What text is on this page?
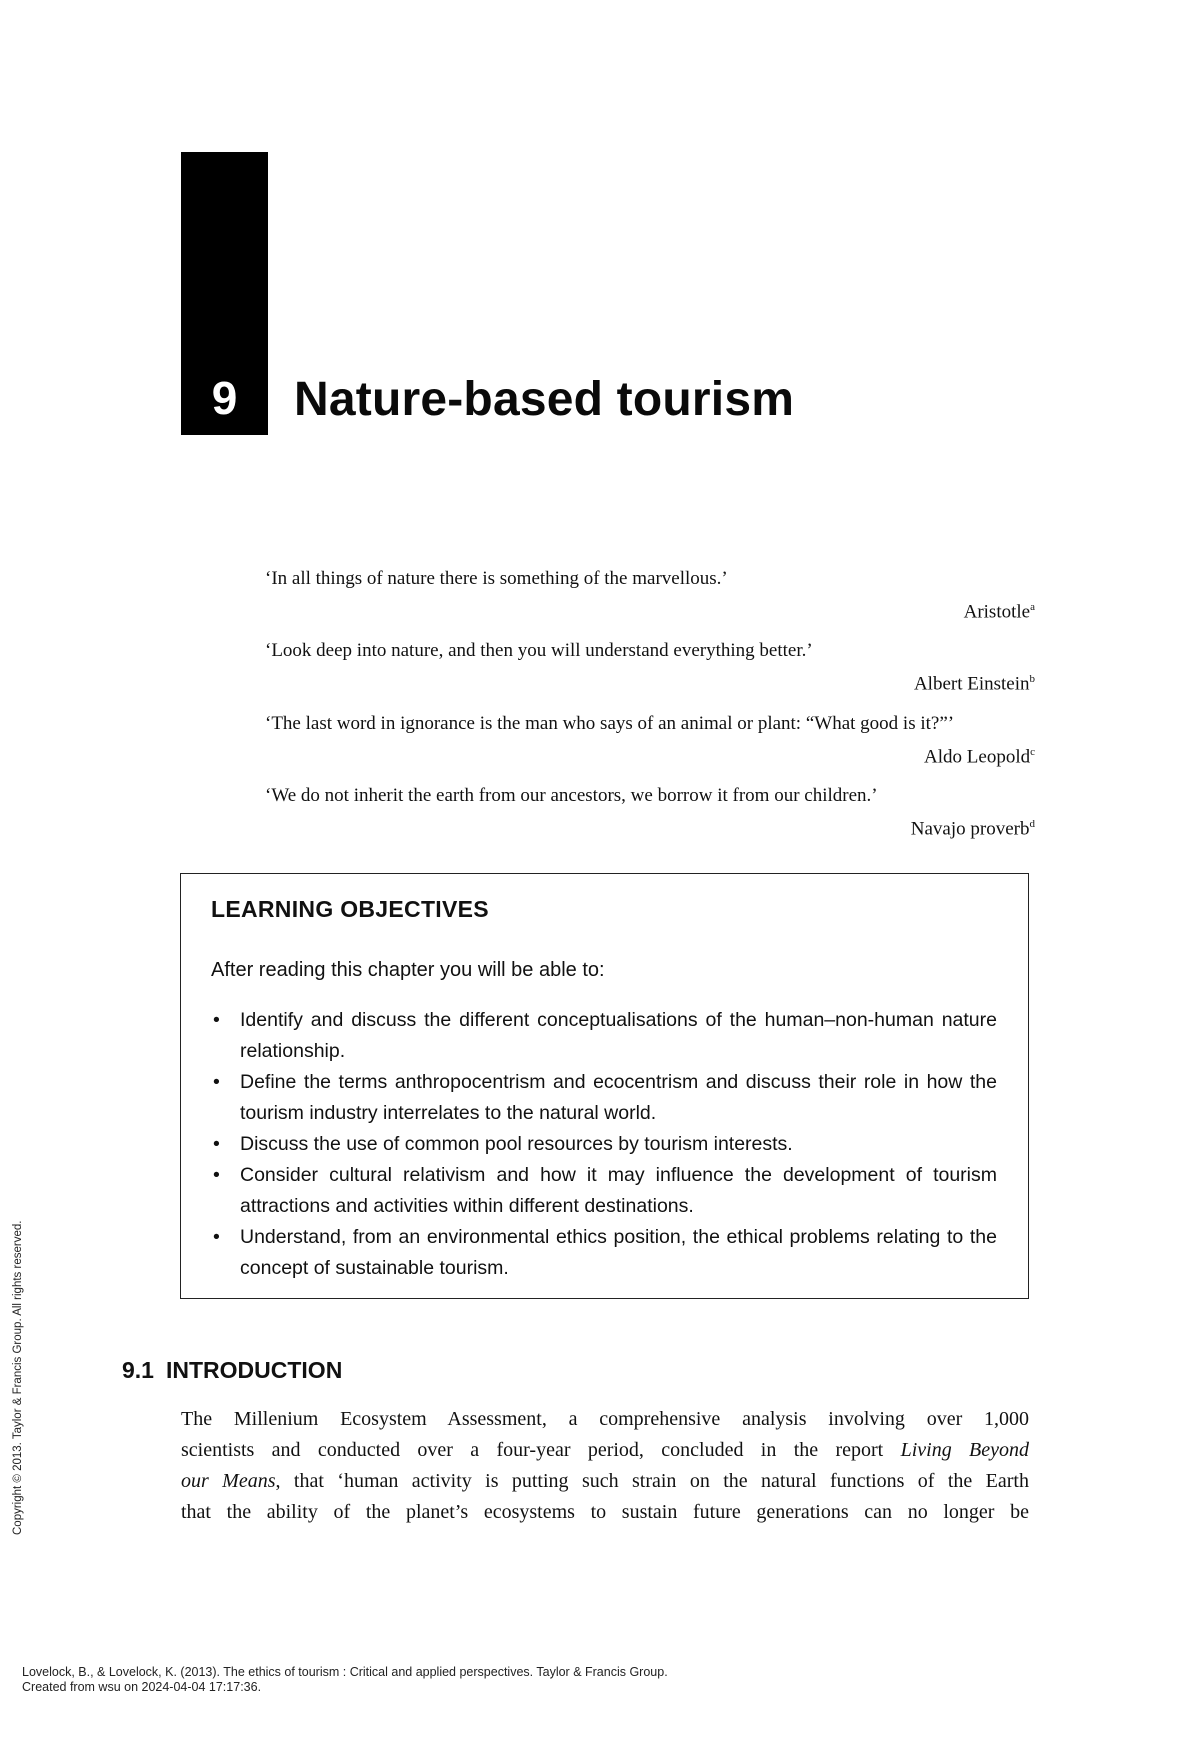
9	Nature-based tourism
‘In all things of nature there is something of the marvellous.’
Aristotle$^a$
‘Look deep into nature, and then you will understand everything better.’
Albert Einstein$^b$
‘The last word in ignorance is the man who says of an animal or plant: “What good is it?”’
Aldo Leopold$^c$
‘We do not inherit the earth from our ancestors, we borrow it from our children.’
Navajo proverb$^d$
LEARNING OBJECTIVES
After reading this chapter you will be able to:
• Identify and discuss the different conceptualisations of the human–non-human nature relationship.
• Define the terms anthropocentrism and ecocentrism and discuss their role in how the tourism industry interrelates to the natural world.
• Discuss the use of common pool resources by tourism interests.
• Consider cultural relativism and how it may influence the development of tourism attractions and activities within different destinations.
• Understand, from an environmental ethics position, the ethical problems relating to the concept of sustainable tourism.
9.1 INTRODUCTION
The Millenium Ecosystem Assessment, a comprehensive analysis involving over 1,000
scientists and conducted over a four-year period, concluded in the report Living Beyond
our Means, that ‘human activity is putting such strain on the natural functions of the Earth
that the ability of the planet’s ecosystems to sustain future generations can no longer be
Copyright © 2013. Taylor & Francis Group. All rights reserved.
Lovelock, B., & Lovelock, K. (2013). The ethics of tourism : Critical and applied perspectives. Taylor & Francis Group.
Created from wsu on 2024-04-04 17:17:36.
